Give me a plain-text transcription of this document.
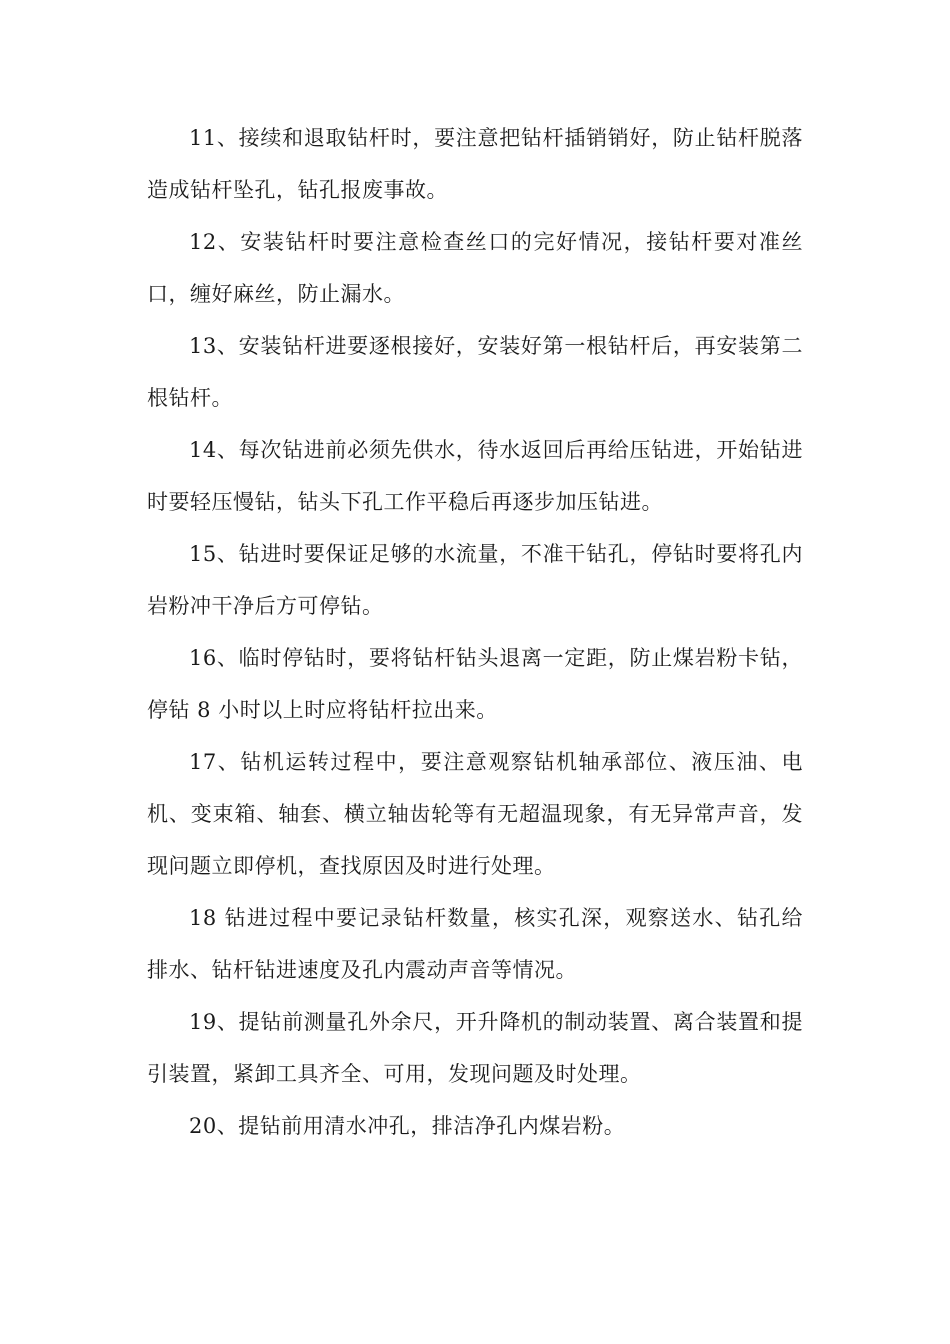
11、接续和退取钻杆时，要注意把钻杆插销销好，防止钻杆脱落造成钻杆坠孔，钻孔报废事故。

12、安装钻杆时要注意检查丝口的完好情况，接钻杆要对准丝口，缠好麻丝，防止漏水。

13、安装钻杆进要逐根接好，安装好第一根钻杆后，再安装第二根钻杆。

14、每次钻进前必须先供水，待水返回后再给压钻进，开始钻进时要轻压慢钻，钻头下孔工作平稳后再逐步加压钻进。

15、钻进时要保证足够的水流量，不准干钻孔，停钻时要将孔内岩粉冲干净后方可停钻。

16、临时停钻时，要将钻杆钻头退离一定距，防止煤岩粉卡钻，停钻 8 小时以上时应将钻杆拉出来。

17、钻机运转过程中，要注意观察钻机轴承部位、液压油、电机、变束箱、轴套、横立轴齿轮等有无超温现象，有无异常声音，发现问题立即停机，查找原因及时进行处理。

18 钻进过程中要记录钻杆数量，核实孔深，观察送水、钻孔给排水、钻杆钻进速度及孔内震动声音等情况。

19、提钻前测量孔外余尺，开升降机的制动装置、离合装置和提引装置，紧卸工具齐全、可用，发现问题及时处理。

20、提钻前用清水冲孔，排洁净孔内煤岩粉。
